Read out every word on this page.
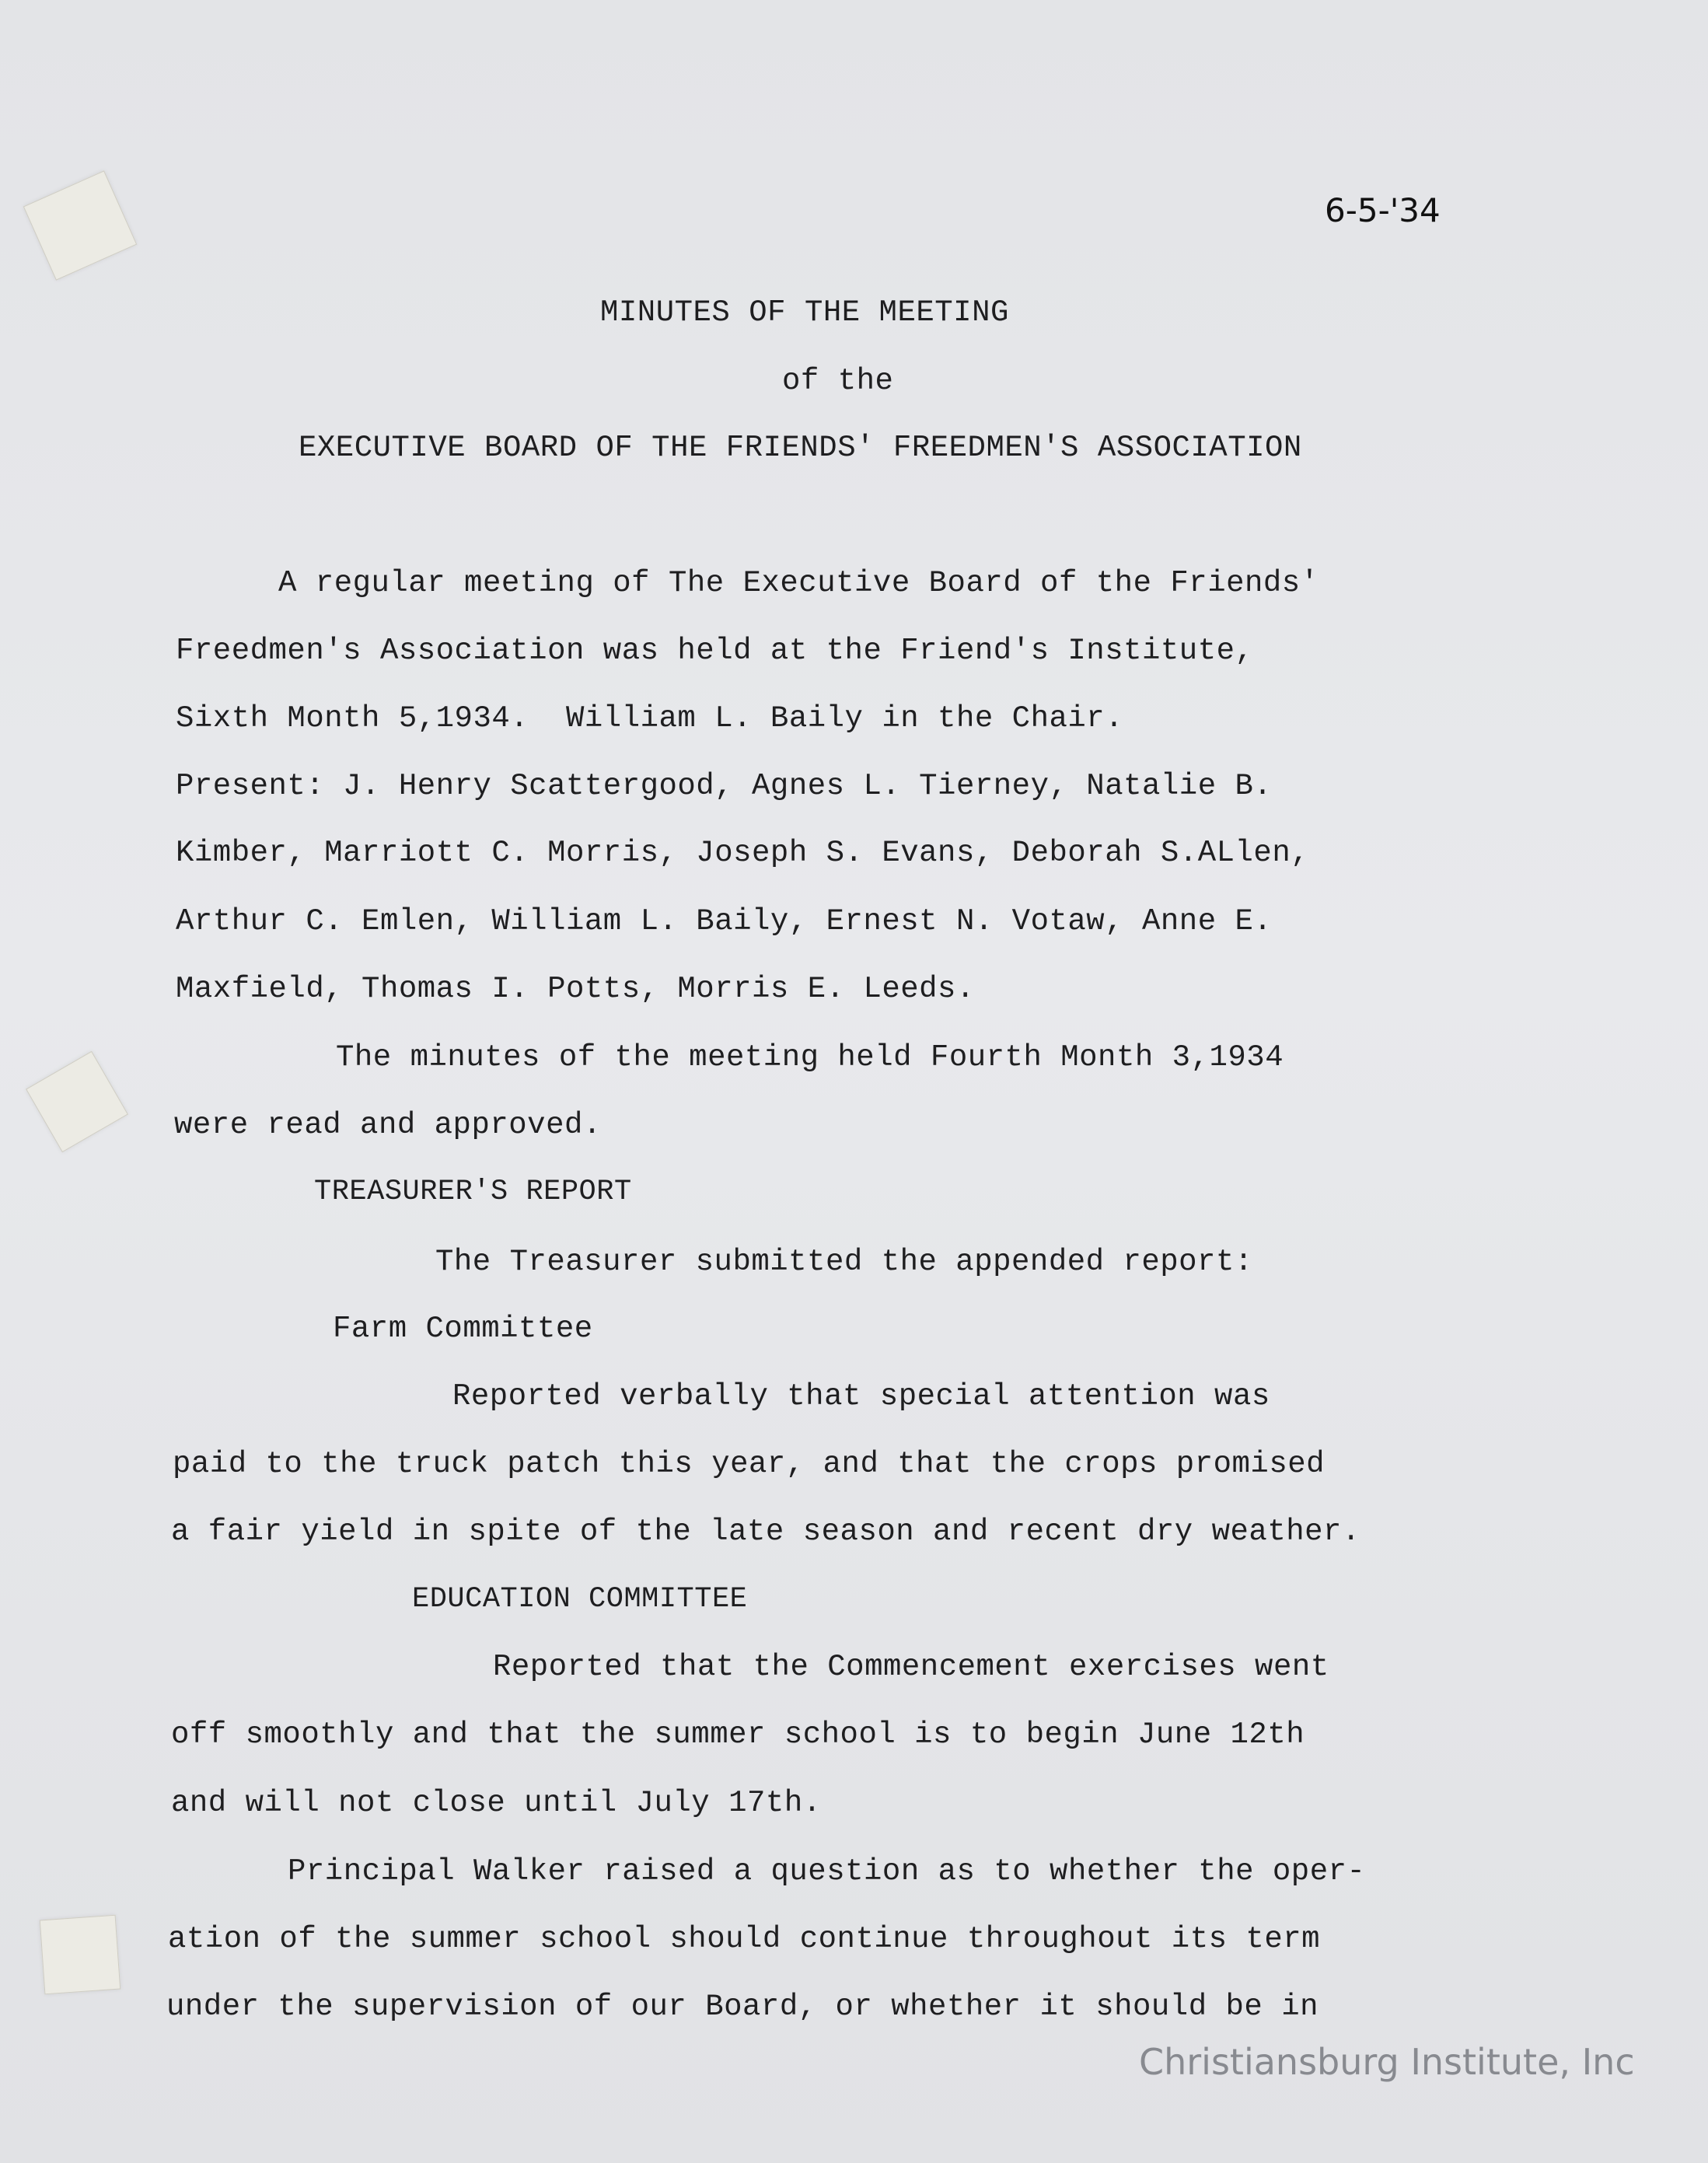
6-5-'34
MINUTES OF THE MEETING
of the
EXECUTIVE BOARD OF THE FRIENDS' FREEDMEN'S ASSOCIATION
A regular meeting of The Executive Board of the Friends'
Freedmen's Association was held at the Friend's Institute,
Sixth Month 5,1934.  William L. Baily in the Chair.
Present: J. Henry Scattergood, Agnes L. Tierney, Natalie B.
Kimber, Marriott C. Morris, Joseph S. Evans, Deborah S.ALlen,
Arthur C. Emlen, William L. Baily, Ernest N. Votaw, Anne E.
Maxfield, Thomas I. Potts, Morris E. Leeds.
The minutes of the meeting held Fourth Month 3,1934
were read and approved.
TREASURER'S REPORT
The Treasurer submitted the appended report:
Farm Committee
Reported verbally that special attention was
paid to the truck patch this year, and that the crops promised
a fair yield in spite of the late season and recent dry weather.
EDUCATION COMMITTEE
Reported that the Commencement exercises went
off smoothly and that the summer school is to begin June 12th
and will not close until July 17th.
Principal Walker raised a question as to whether the oper-
ation of the summer school should continue throughout its term
under the supervision of our Board, or whether it should be in
Christiansburg Institute, Inc
